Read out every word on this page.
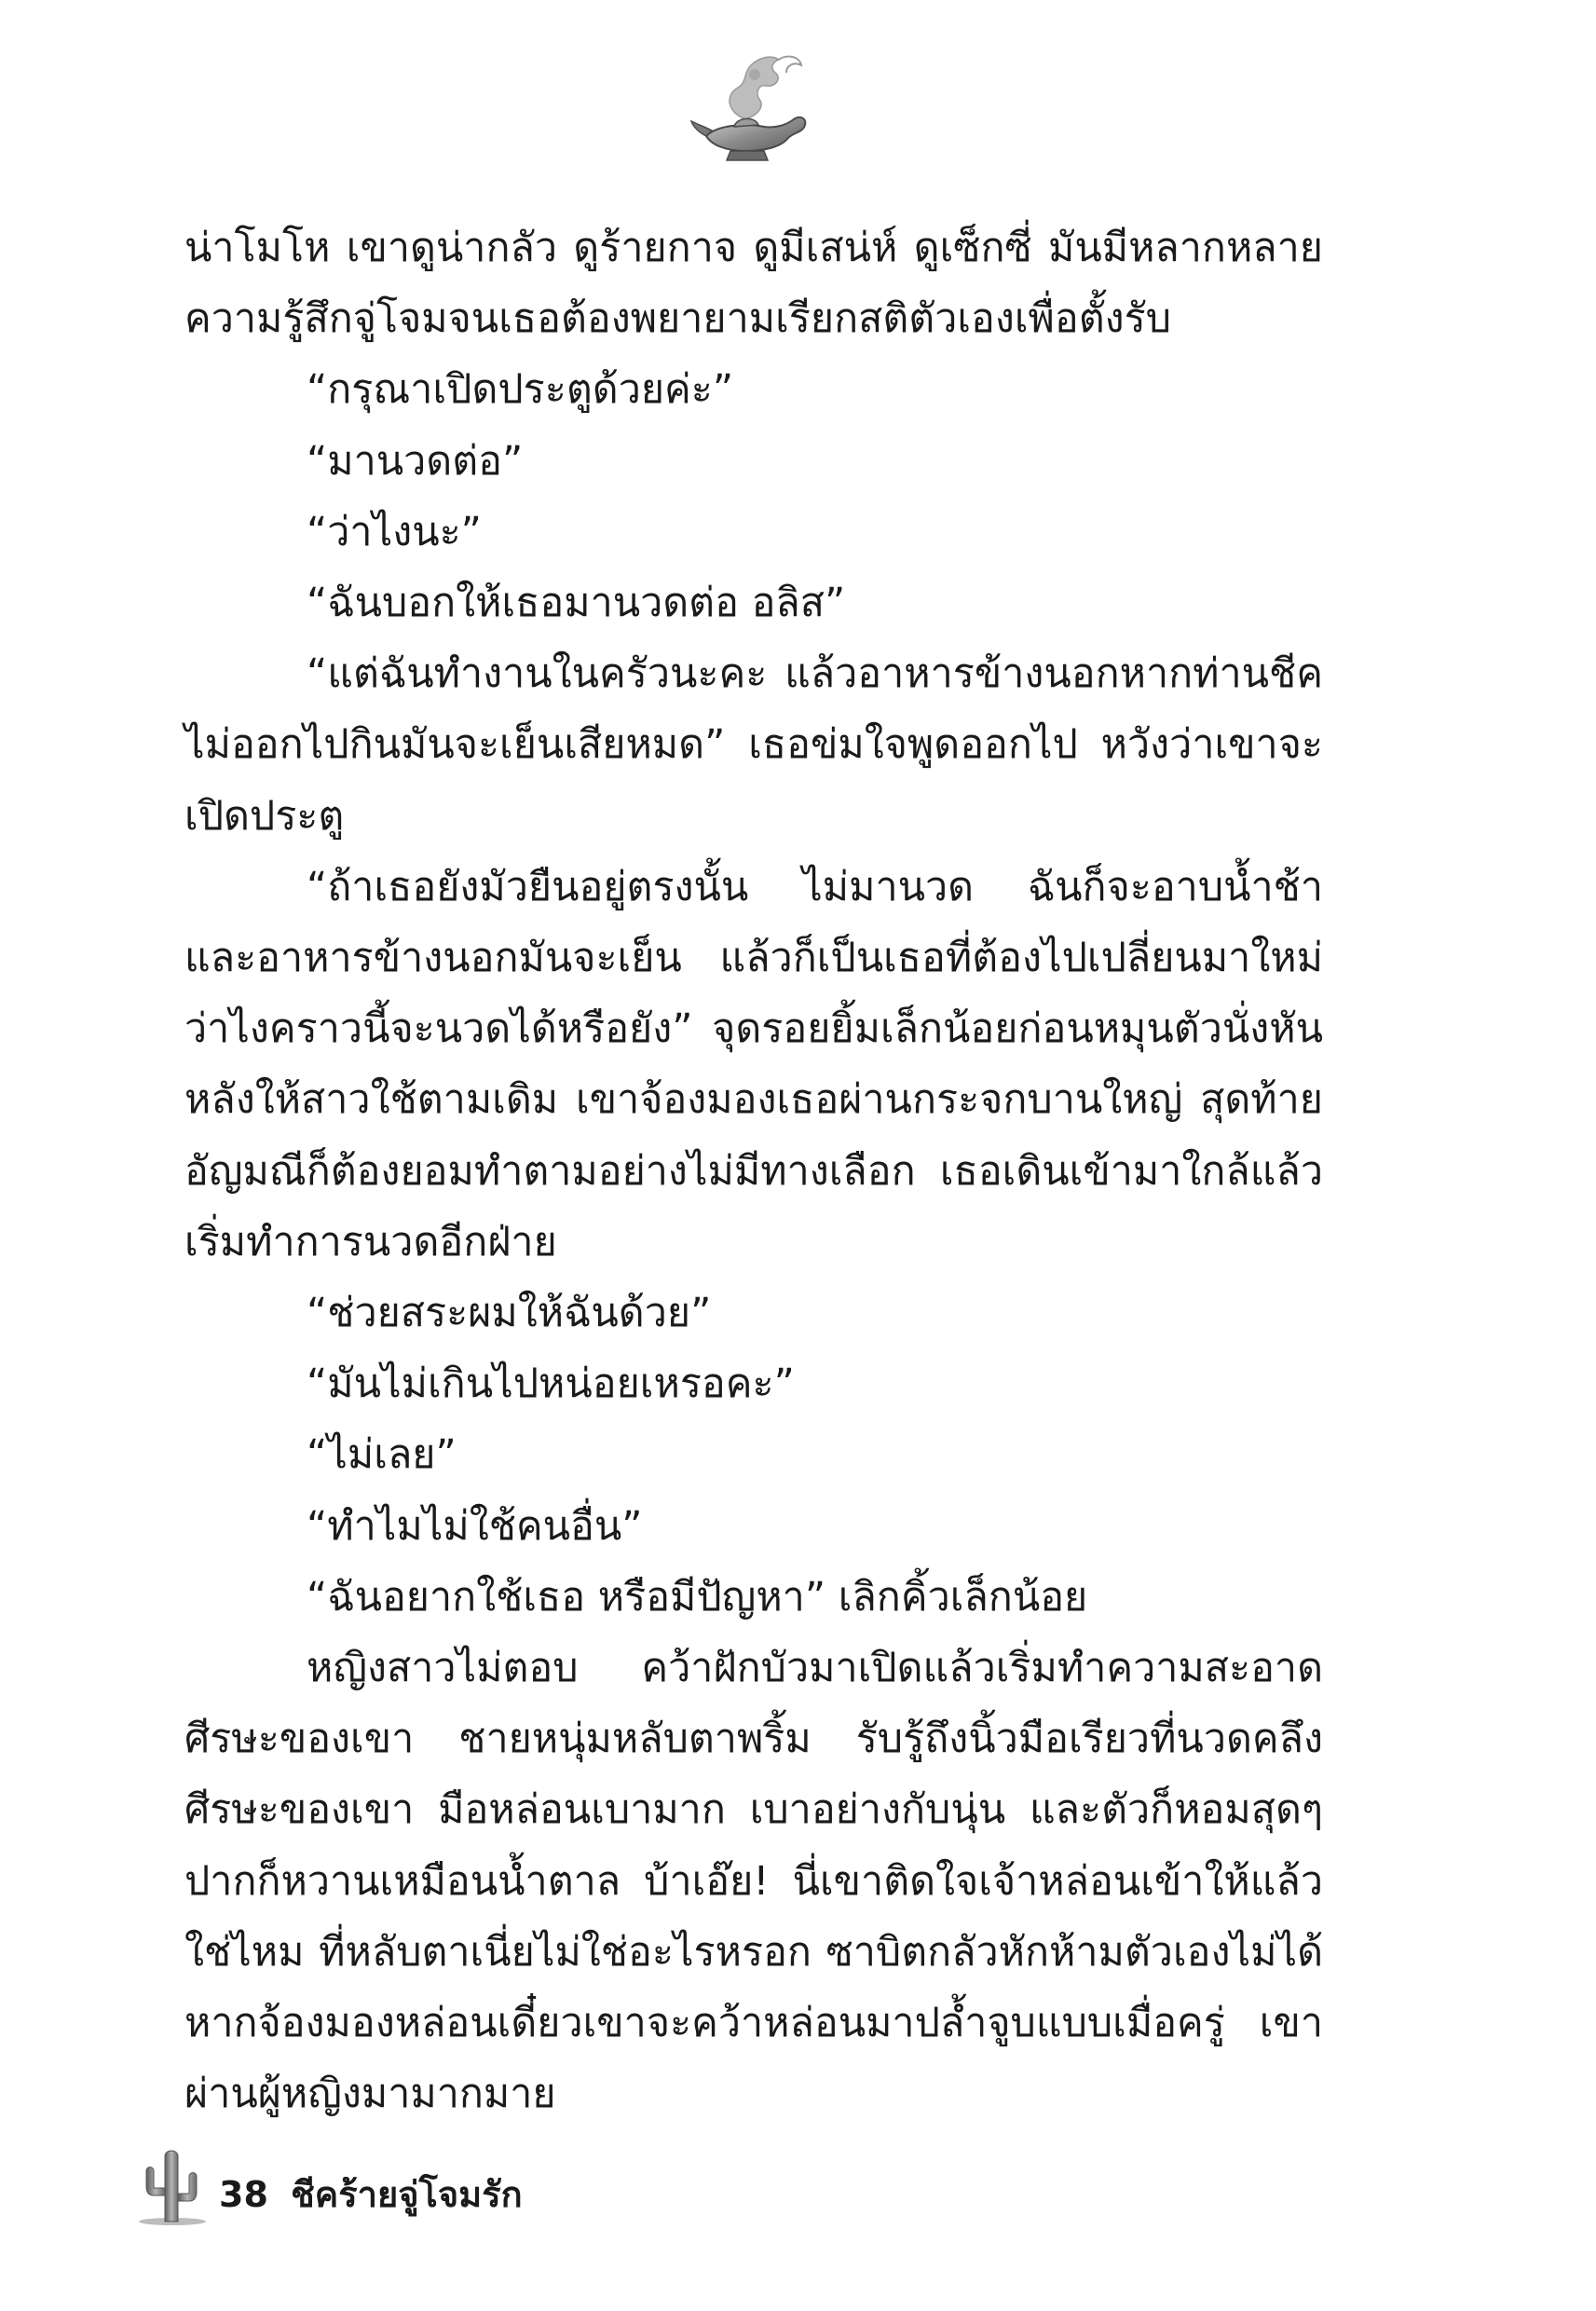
น่าโมโห เขาดูน่ากลัว ดูร้ายกาจ ดูมีเสน่ห์ ดูเซ็กซี่ มันมีหลากหลายความรู้สึกจู่โจมจนเธอต้องพยายามเรียกสติตัวเองเพื่อตั้งรับ

“กรุณาเปิดประตูด้วยค่ะ”

“มานวดต่อ”

“ว่าไงนะ”

“ฉันบอกให้เธอมานวดต่อ อลิส”

“แต่ฉันทำงานในครัวนะคะ แล้วอาหารข้างนอกหากท่านชีคไม่ออกไปกินมันจะเย็นเสียหมด” เธอข่มใจพูดออกไป หวังว่าเขาจะเปิดประตู

“ถ้าเธอยังมัวยืนอยู่ตรงนั้น ไม่มานวด ฉันก็จะอาบน้ำช้า และอาหารข้างนอกมันจะเย็น แล้วก็เป็นเธอที่ต้องไปเปลี่ยนมาใหม่ ว่าไงคราวนี้จะนวดได้หรือยัง” จุดรอยยิ้มเล็กน้อยก่อนหมุนตัวนั่งหันหลังให้สาวใช้ตามเดิม เขาจ้องมองเธอผ่านกระจกบานใหญ่ สุดท้ายอัญมณีก็ต้องยอมทำตามอย่างไม่มีทางเลือก เธอเดินเข้ามาใกล้แล้วเริ่มทำการนวดอีกฝ่าย

“ช่วยสระผมให้ฉันด้วย”

“มันไม่เกินไปหน่อยเหรอคะ”

“ไม่เลย”

“ทำไมไม่ใช้คนอื่น”

“ฉันอยากใช้เธอ หรือมีปัญหา” เลิกคิ้วเล็กน้อย

หญิงสาวไม่ตอบ คว้าฝักบัวมาเปิดแล้วเริ่มทำความสะอาดศีรษะของเขา ชายหนุ่มหลับตาพริ้ม รับรู้ถึงนิ้วมือเรียวที่นวดคลึงศีรษะของเขา มือหล่อนเบามาก เบาอย่างกับนุ่น และตัวก็หอมสุดๆ ปากก็หวานเหมือนน้ำตาล บ้าเอ๊ย! นี่เขาติดใจเจ้าหล่อนเข้าให้แล้วใช่ไหม ที่หลับตาเนี่ยไม่ใช่อะไรหรอก ซาบิตกลัวหักห้ามตัวเองไม่ได้หากจ้องมองหล่อนเดี๋ยวเขาจะคว้าหล่อนมาปล้ำจูบแบบเมื่อครู่ เขาผ่านผู้หญิงมามากมาย

38 ชีคร้ายจู่โจมรัก
